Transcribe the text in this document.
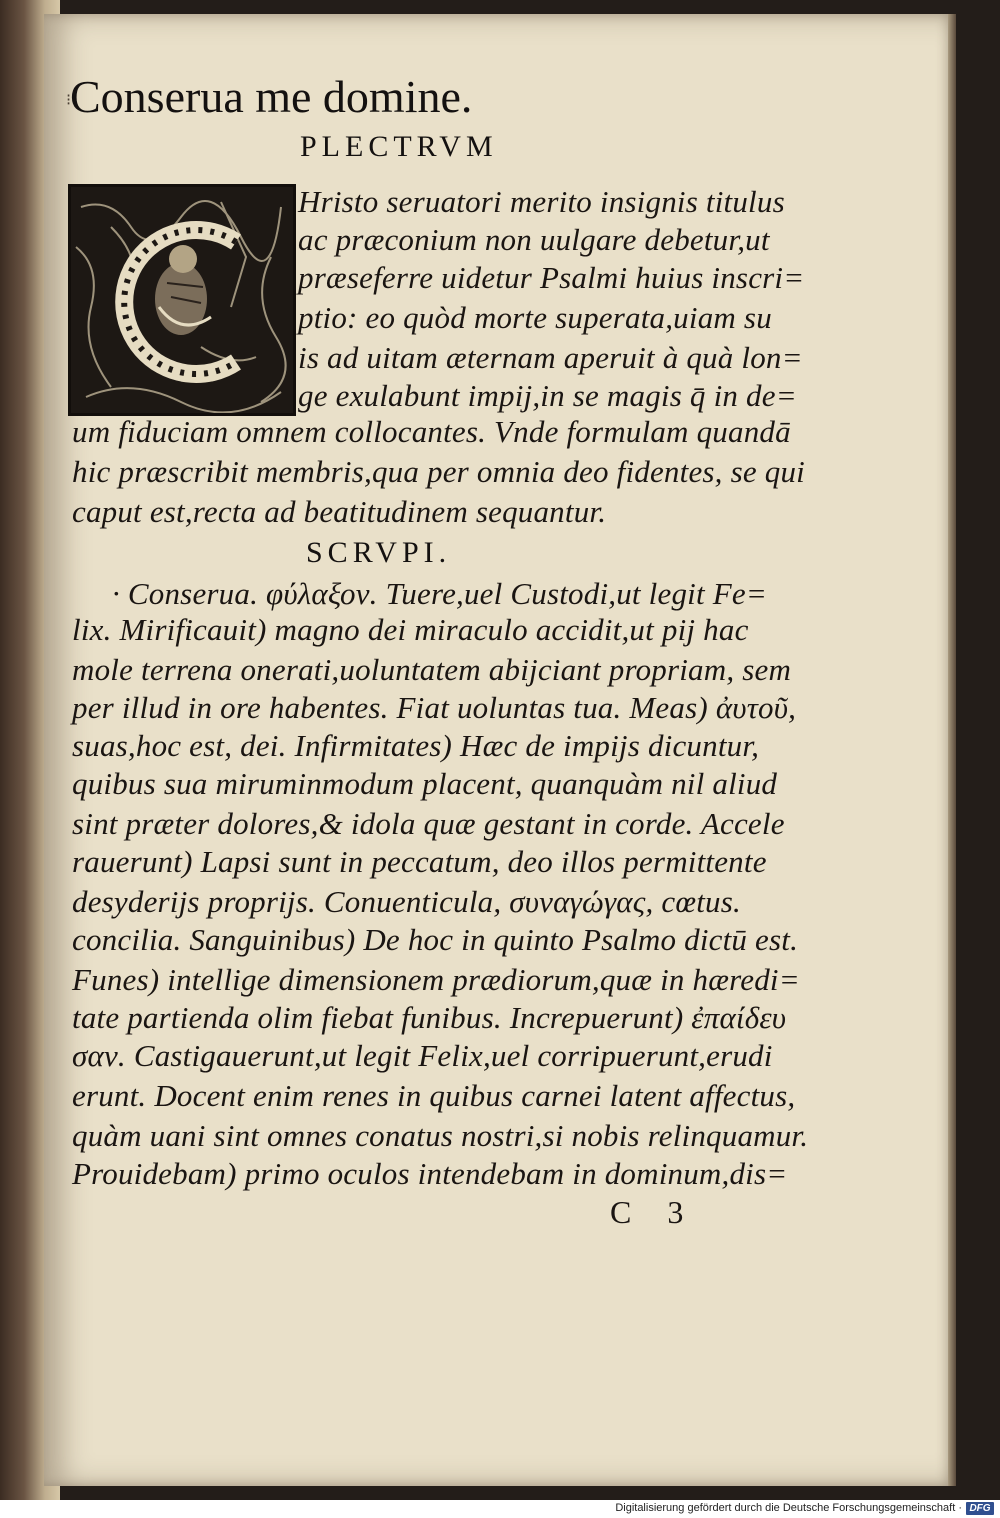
⁝
Conserua me domine.
PLECTRVM
Hristo seruatori merito insignis titulus
ac præconium non uulgare debetur,ut
præseferre uidetur Psalmi huius inscri=
ptio: eo quòd morte superata,uiam su
is ad uitam æternam aperuit à quà lon=
ge exulabunt impij,in se magis q̄ in de=
um fiduciam omnem collocantes. Vnde formulam quandā
hic præscribit membris,qua per omnia deo fidentes, se qui
caput est,recta ad beatitudinem sequantur.
SCRVPI.
· Conserua. φύλαξον. Tuere,uel Custodi,ut legit Fe=
lix. Mirificauit) magno dei miraculo accidit,ut pij hac
mole terrena onerati,uoluntatem abijciant propriam, sem
per illud in ore habentes. Fiat uoluntas tua. Meas) ἀυτοῦ,
suas,hoc est, dei. Infirmitates) Hæc de impijs dicuntur,
quibus sua miruminmodum placent, quanquàm nil aliud
sint præter dolores,& idola quæ gestant in corde. Accele
rauerunt) Lapsi sunt in peccatum, deo illos permittente
desyderijs proprijs. Conuenticula, συναγώγας, cœtus.
concilia. Sanguinibus) De hoc in quinto Psalmo dictū est.
Funes) intellige dimensionem prædiorum,quæ in hæredi=
tate partienda olim fiebat funibus. Increpuerunt) ἐπαίδευ
σαν. Castigauerunt,ut legit Felix,uel corripuerunt,erudi
erunt. Docent enim renes in quibus carnei latent affectus,
quàm uani sint omnes conatus nostri,si nobis relinquamur.
Prouidebam) primo oculos intendebam in dominum,dis=
C 3
Digitalisierung gefördert durch die Deutsche Forschungsgemeinschaft · DFG
